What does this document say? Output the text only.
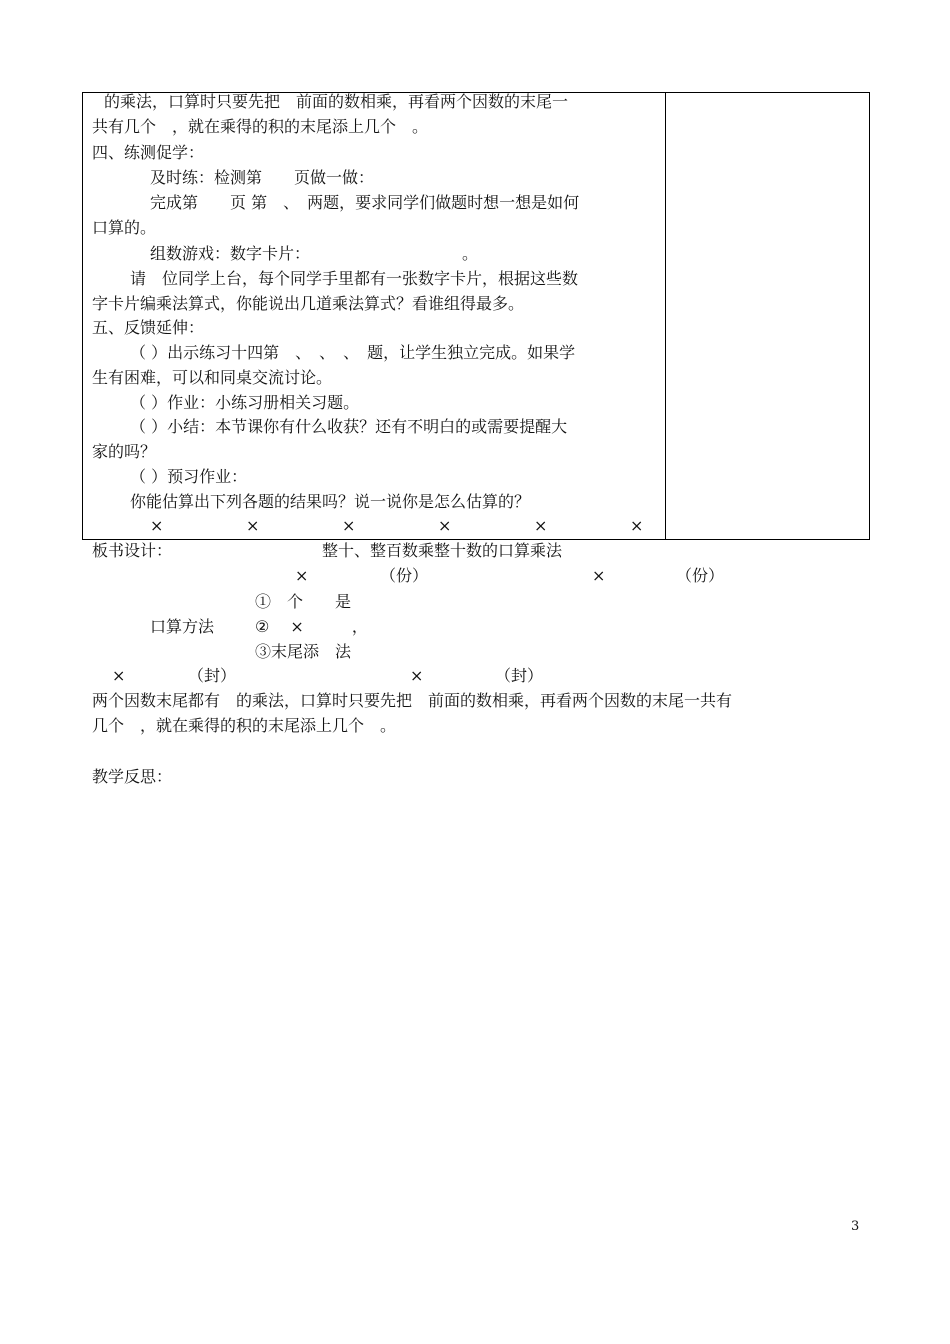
的乘法，口算时只要先把　前面的数相乘，再看两个因数的末尾一
共有几个　，就在乘得的积的末尾添上几个　。
四、练测促学：
及时练：检测第　　页做一做：
完成第　　页 第　、　两题，要求同学们做题时想一想是如何
口算的。
组数游戏：数字卡片：　　　　　　　　　　。
请　位同学上台，每个同学手里都有一张数字卡片，根据这些数
字卡片编乘法算式，你能说出几道乘法算式？看谁组得最多。
五、反馈延伸：
（ ）出示练习十四第　、　、　、　题，让学生独立完成。如果学
生有困难，可以和同桌交流讨论。
（ ）作业：小练习册相关习题。
（ ）小结：本节课你有什么收获？还有不明白的或需要提醒大
家的吗？
（ ）预习作业：
你能估算出下列各题的结果吗？说一说你是怎么估算的？
×	×	×	×	×	×
板书设计：	整十、整百数乘整十数的口算乘法
×	（份）	×	（份）
①　个　　是
口算方法	②　 ×　　　，
③末尾添　法
×	（封）	×	（封）
两个因数末尾都有　的乘法，口算时只要先把　前面的数相乘，再看两个因数的末尾一共有
几个　，就在乘得的积的末尾添上几个　。
教学反思：
3
